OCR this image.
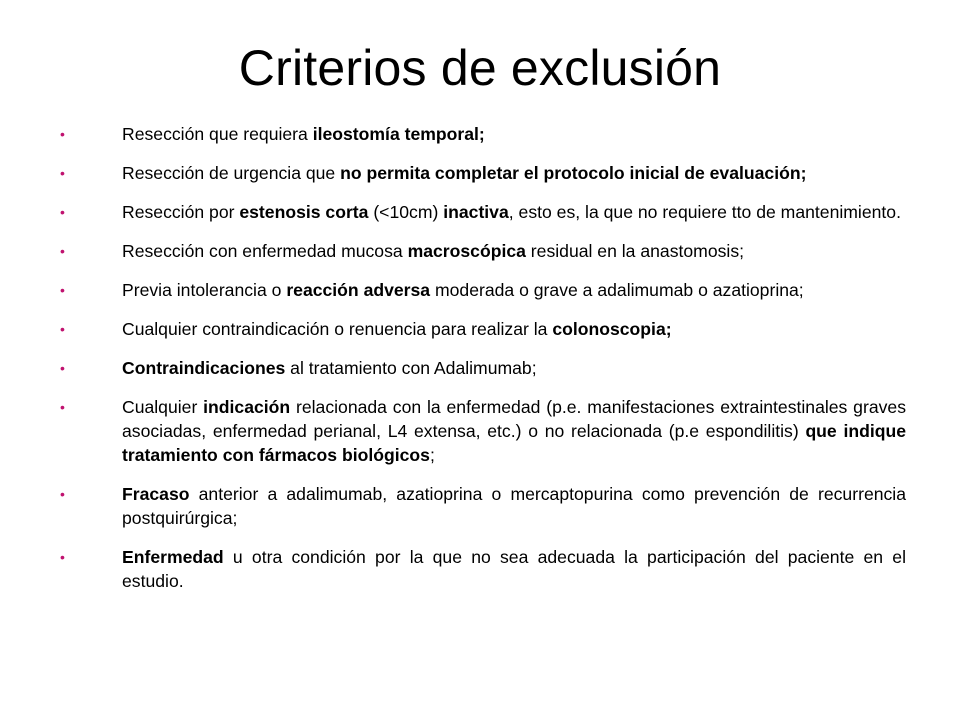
Criterios de exclusión
•	Resección que requiera ileostomía temporal;
•	Resección de urgencia que no permita completar el protocolo inicial de evaluación;
•	Resección por estenosis corta (<10cm) inactiva, esto es, la que no requiere tto de mantenimiento.
•	Resección con enfermedad mucosa macroscópica residual en la anastomosis;
•	Previa intolerancia o reacción adversa moderada o grave a adalimumab o azatioprina;
•	Cualquier contraindicación o renuencia para realizar la colonoscopia;
•	Contraindicaciones al tratamiento con Adalimumab;
•	Cualquier indicación relacionada con la enfermedad (p.e. manifestaciones extraintestinales graves asociadas, enfermedad perianal, L4 extensa, etc.) o no relacionada (p.e espondilitis) que indique tratamiento con fármacos biológicos;
•	Fracaso anterior a adalimumab, azatioprina o mercaptopurina como prevención de recurrencia postquirúrgica;
•	Enfermedad u otra condición por la que no sea adecuada la participación del paciente en el estudio.
